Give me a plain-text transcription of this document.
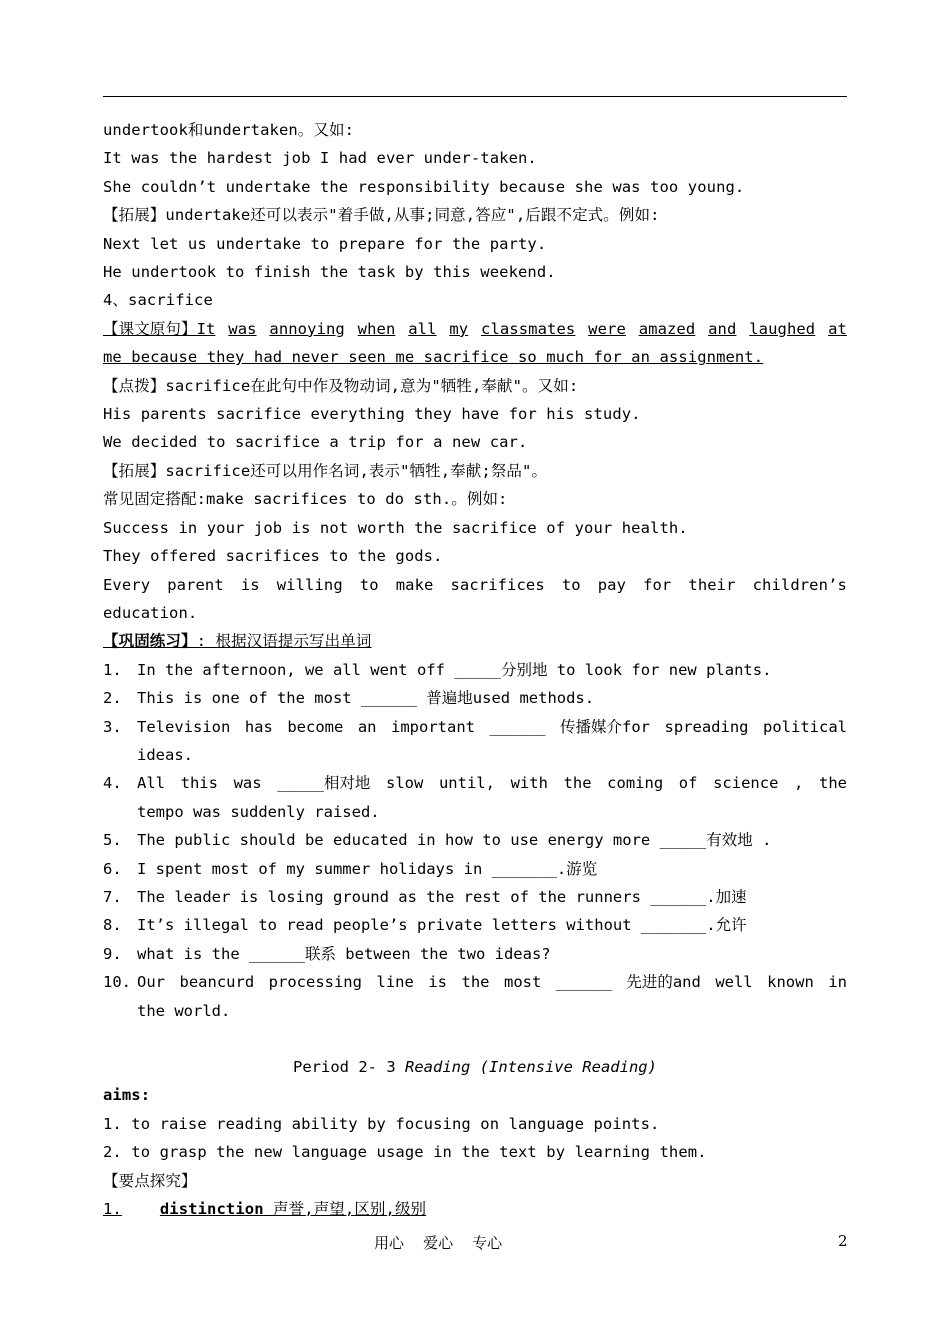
undertook和undertaken。又如:
It was the hardest job I had ever under-taken.
She couldn’t undertake the responsibility because she was too young.
【拓展】undertake还可以表示"着手做,从事;同意,答应",后跟不定式。例如:
Next let us undertake to prepare for the party.
He undertook to finish the task by this weekend.
4、sacrifice
【课文原句】It was annoying when all my classmates were amazed and laughed at
me because they had never seen me sacrifice so much for an assignment.
【点拨】sacrifice在此句中作及物动词,意为"牺牲,奉献"。又如:
His parents sacrifice everything they have for his study.
We decided to sacrifice a trip for a new car.
【拓展】sacrifice还可以用作名词,表示"牺牲,奉献;祭品"。
常见固定搭配:make sacrifices to do sth.。例如:
Success in your job is not worth the sacrifice of your health.
They offered sacrifices to the gods.
Every parent is willing to make sacrifices to pay for their children’s
education.
【巩固练习】: 根据汉语提示写出单词
1. In the afternoon, we all went off _____分别地 to look for new plants.
2. This is one of the most ______ 普遍地used methods.
3. Television has become an important ______ 传播媒介for spreading political
ideas.
4. All this was _____相对地 slow until, with the coming of science , the
tempo was suddenly raised.
5. The public should be educated in how to use energy more _____有效地 .
6. I spent most of my summer holidays in _______.游览
7. The leader is losing ground as the rest of the runners ______.加速
8. It’s illegal to read people’s private letters without _______.允许
9. what is the ______联系 between the two ideas?
10. Our beancurd processing line is the most ______ 先进的and well known in
the world.
Period 2- 3 Reading (Intensive Reading)
aims:
1. to raise reading ability by focusing on language points.
2. to grasp the new language usage in the text by learning them.
【要点探究】
1. distinction 声誉,声望,区别,级别
用心    爱心    专心	2
